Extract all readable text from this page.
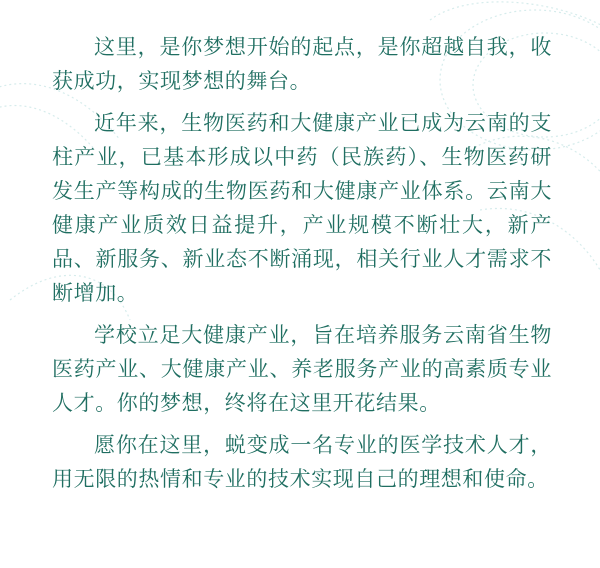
这里，是你梦想开始的起点，是你超越自我，收获成功，实现梦想的舞台。

近年来，生物医药和大健康产业已成为云南的支柱产业，已基本形成以中药（民族药）、生物医药研发生产等构成的生物医药和大健康产业体系。云南大健康产业质效日益提升，产业规模不断壮大，新产品、新服务、新业态不断涌现，相关行业人才需求不断增加。

学校立足大健康产业，旨在培养服务云南省生物医药产业、大健康产业、养老服务产业的高素质专业人才。你的梦想，终将在这里开花结果。

愿你在这里，蜕变成一名专业的医学技术人才，用无限的热情和专业的技术实现自己的理想和使命。
